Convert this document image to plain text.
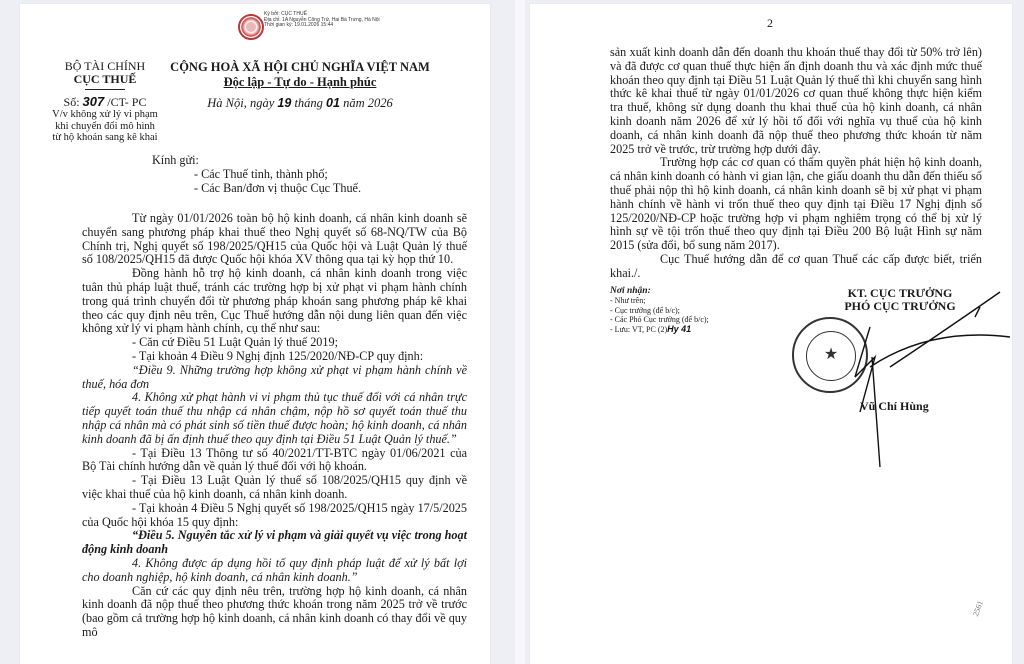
Ký bởi: CỤC THUẾ
Địa chỉ: 1A Nguyễn Công Trứ, Hai Bà Trưng, Hà Nội
Thời gian ký: 19.01.2026 15:44
BỘ TÀI CHÍNH
CỤC THUẾ
Số: 307 /CT- PC
V/v không xử lý vi phạm khi chuyển đổi mô hình từ hộ khoán sang kê khai
CỘNG HOÀ XÃ HỘI CHỦ NGHĨA VIỆT NAM
Độc lập - Tự do - Hạnh phúc
Hà Nội, ngày 19 tháng 01 năm 2026
Kính gửi:
- Các Thuế tỉnh, thành phố;
- Các Ban/đơn vị thuộc Cục Thuế.
Từ ngày 01/01/2026 toàn bộ hộ kinh doanh, cá nhân kinh doanh sẽ chuyển sang phương pháp khai thuế theo Nghị quyết số 68-NQ/TW của Bộ Chính trị, Nghị quyết số 198/2025/QH15 của Quốc hội và Luật Quản lý thuế số 108/2025/QH15 đã được Quốc hội khóa XV thông qua tại kỳ họp thứ 10.
Đồng hành hỗ trợ hộ kinh doanh, cá nhân kinh doanh trong việc tuân thủ pháp luật thuế, tránh các trường hợp bị xử phạt vi phạm hành chính trong quá trình chuyển đổi từ phương pháp khoán sang phương pháp kê khai theo các quy định nêu trên, Cục Thuế hướng dẫn nội dung liên quan đến việc không xử lý vi phạm hành chính, cụ thể như sau:
- Căn cứ Điều 51 Luật Quản lý thuế 2019;
- Tại khoản 4 Điều 9 Nghị định 125/2020/NĐ-CP quy định:
“Điều 9. Những trường hợp không xử phạt vi phạm hành chính về thuế, hóa đơn
4. Không xử phạt hành vi vi phạm thủ tục thuế đối với cá nhân trực tiếp quyết toán thuế thu nhập cá nhân chậm, nộp hồ sơ quyết toán thuế thu nhập cá nhân mà có phát sinh số tiền thuế được hoàn; hộ kinh doanh, cá nhân kinh doanh đã bị ấn định thuế theo quy định tại Điều 51 Luật Quản lý thuế.”
- Tại Điều 13 Thông tư số 40/2021/TT-BTC ngày 01/06/2021 của Bộ Tài chính hướng dẫn về quản lý thuế đối với hộ khoán.
- Tại Điều 13 Luật Quản lý thuế số 108/2025/QH15 quy định về việc khai thuế của hộ kinh doanh, cá nhân kinh doanh.
- Tại khoản 4 Điều 5 Nghị quyết số 198/2025/QH15 ngày 17/5/2025 của Quốc hội khóa 15 quy định:
“Điều 5. Nguyên tắc xử lý vi phạm và giải quyết vụ việc trong hoạt động kinh doanh
4. Không được áp dụng hồi tố quy định pháp luật để xử lý bất lợi cho doanh nghiệp, hộ kinh doanh, cá nhân kinh doanh.”
Căn cứ các quy định nêu trên, trường hợp hộ kinh doanh, cá nhân kinh doanh đã nộp thuế theo phương thức khoán trong năm 2025 trở về trước (bao gồm cả trường hợp hộ kinh doanh, cá nhân kinh doanh có thay đổi về quy mô
2
sản xuất kinh doanh dẫn đến doanh thu khoán thuế thay đổi từ 50% trở lên) và đã được cơ quan thuế thực hiện ấn định doanh thu và xác định mức thuế khoán theo quy định tại Điều 51 Luật Quản lý thuế thì khi chuyển sang hình thức kê khai thuế từ ngày 01/01/2026 cơ quan thuế không thực hiện kiểm tra thuế, không sử dụng doanh thu khai thuế của hộ kinh doanh, cá nhân kinh doanh năm 2026 để xử lý hồi tố đối với nghĩa vụ thuế của hộ kinh doanh, cá nhân kinh doanh đã nộp thuế theo phương thức khoán từ năm 2025 trở về trước, trừ trường hợp dưới đây.
Trường hợp các cơ quan có thẩm quyền phát hiện hộ kinh doanh, cá nhân kinh doanh có hành vi gian lận, che giấu doanh thu dẫn đến thiếu số thuế phải nộp thì hộ kinh doanh, cá nhân kinh doanh sẽ bị xử phạt vi phạm hành chính về hành vi trốn thuế theo quy định tại Điều 17 Nghị định số 125/2020/NĐ-CP hoặc trường hợp vi phạm nghiêm trọng có thể bị xử lý hình sự về tội trốn thuế theo quy định tại Điều 200 Bộ luật Hình sự năm 2015 (sửa đổi, bổ sung năm 2017).
Cục Thuế hướng dẫn để cơ quan Thuế các cấp được biết, triển khai./.
Nơi nhận:
- Như trên;
- Cục trưởng (để b/c);
- Các Phó Cục trưởng (để b/c);
- Lưu: VT, PC (2)Hy 41
KT. CỤC TRƯỞNG
PHÓ CỤC TRƯỞNG
★
Vũ Chí Hùng
2561
